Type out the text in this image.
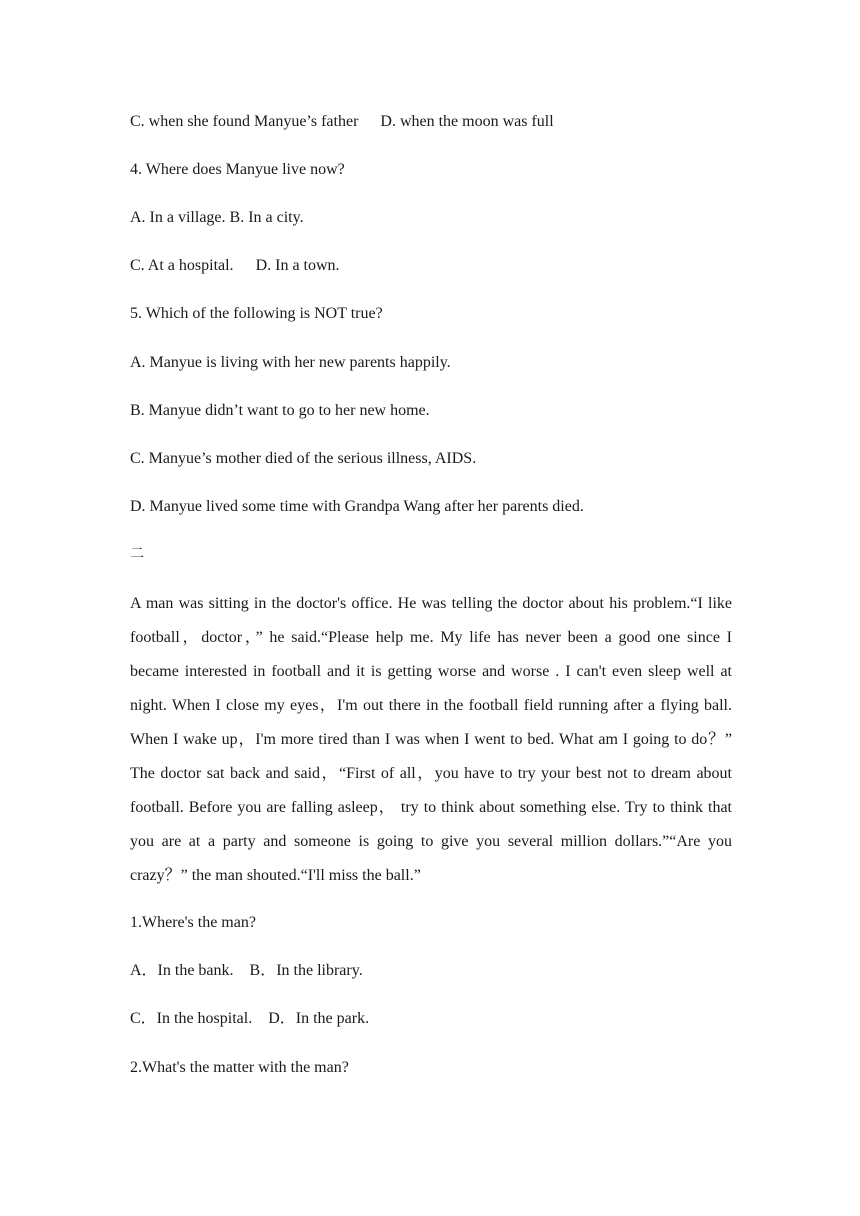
C. when she found Manyue’s father D. when the moon was full
4. Where does Manyue live now?
A. In a village. B. In a city.
C. At a hospital. D. In a town.
5. Which of the following is NOT true?
A. Manyue is living with her new parents happily.
B. Manyue didn’t want to go to her new home.
C. Manyue’s mother died of the serious illness, AIDS.
D. Manyue lived some time with Grandpa Wang after her parents died.
二

A man was sitting in the doctor's office. He was telling the doctor about his problem.“I like football，doctor，” he said.“Please help me. My life has never been a good one since I became interested in football and it is getting worse and worse . I can't even sleep well at night. When I close my eyes，I'm out there in the football field running after a flying ball. When I wake up，I'm more tired than I was when I went to bed. What am I going to do？” The doctor sat back and said，“First of all，you have to try your best not to dream about football. Before you are falling asleep， try to think about something else. Try to think that you are at a party and someone is going to give you several million dollars.”“Are you crazy？” the man shouted.“I'll miss the ball.”

1.Where's the man?
A．In the bank.　B．In the library.
C．In the hospital.　D．In the park.
2.What's the matter with the man?
